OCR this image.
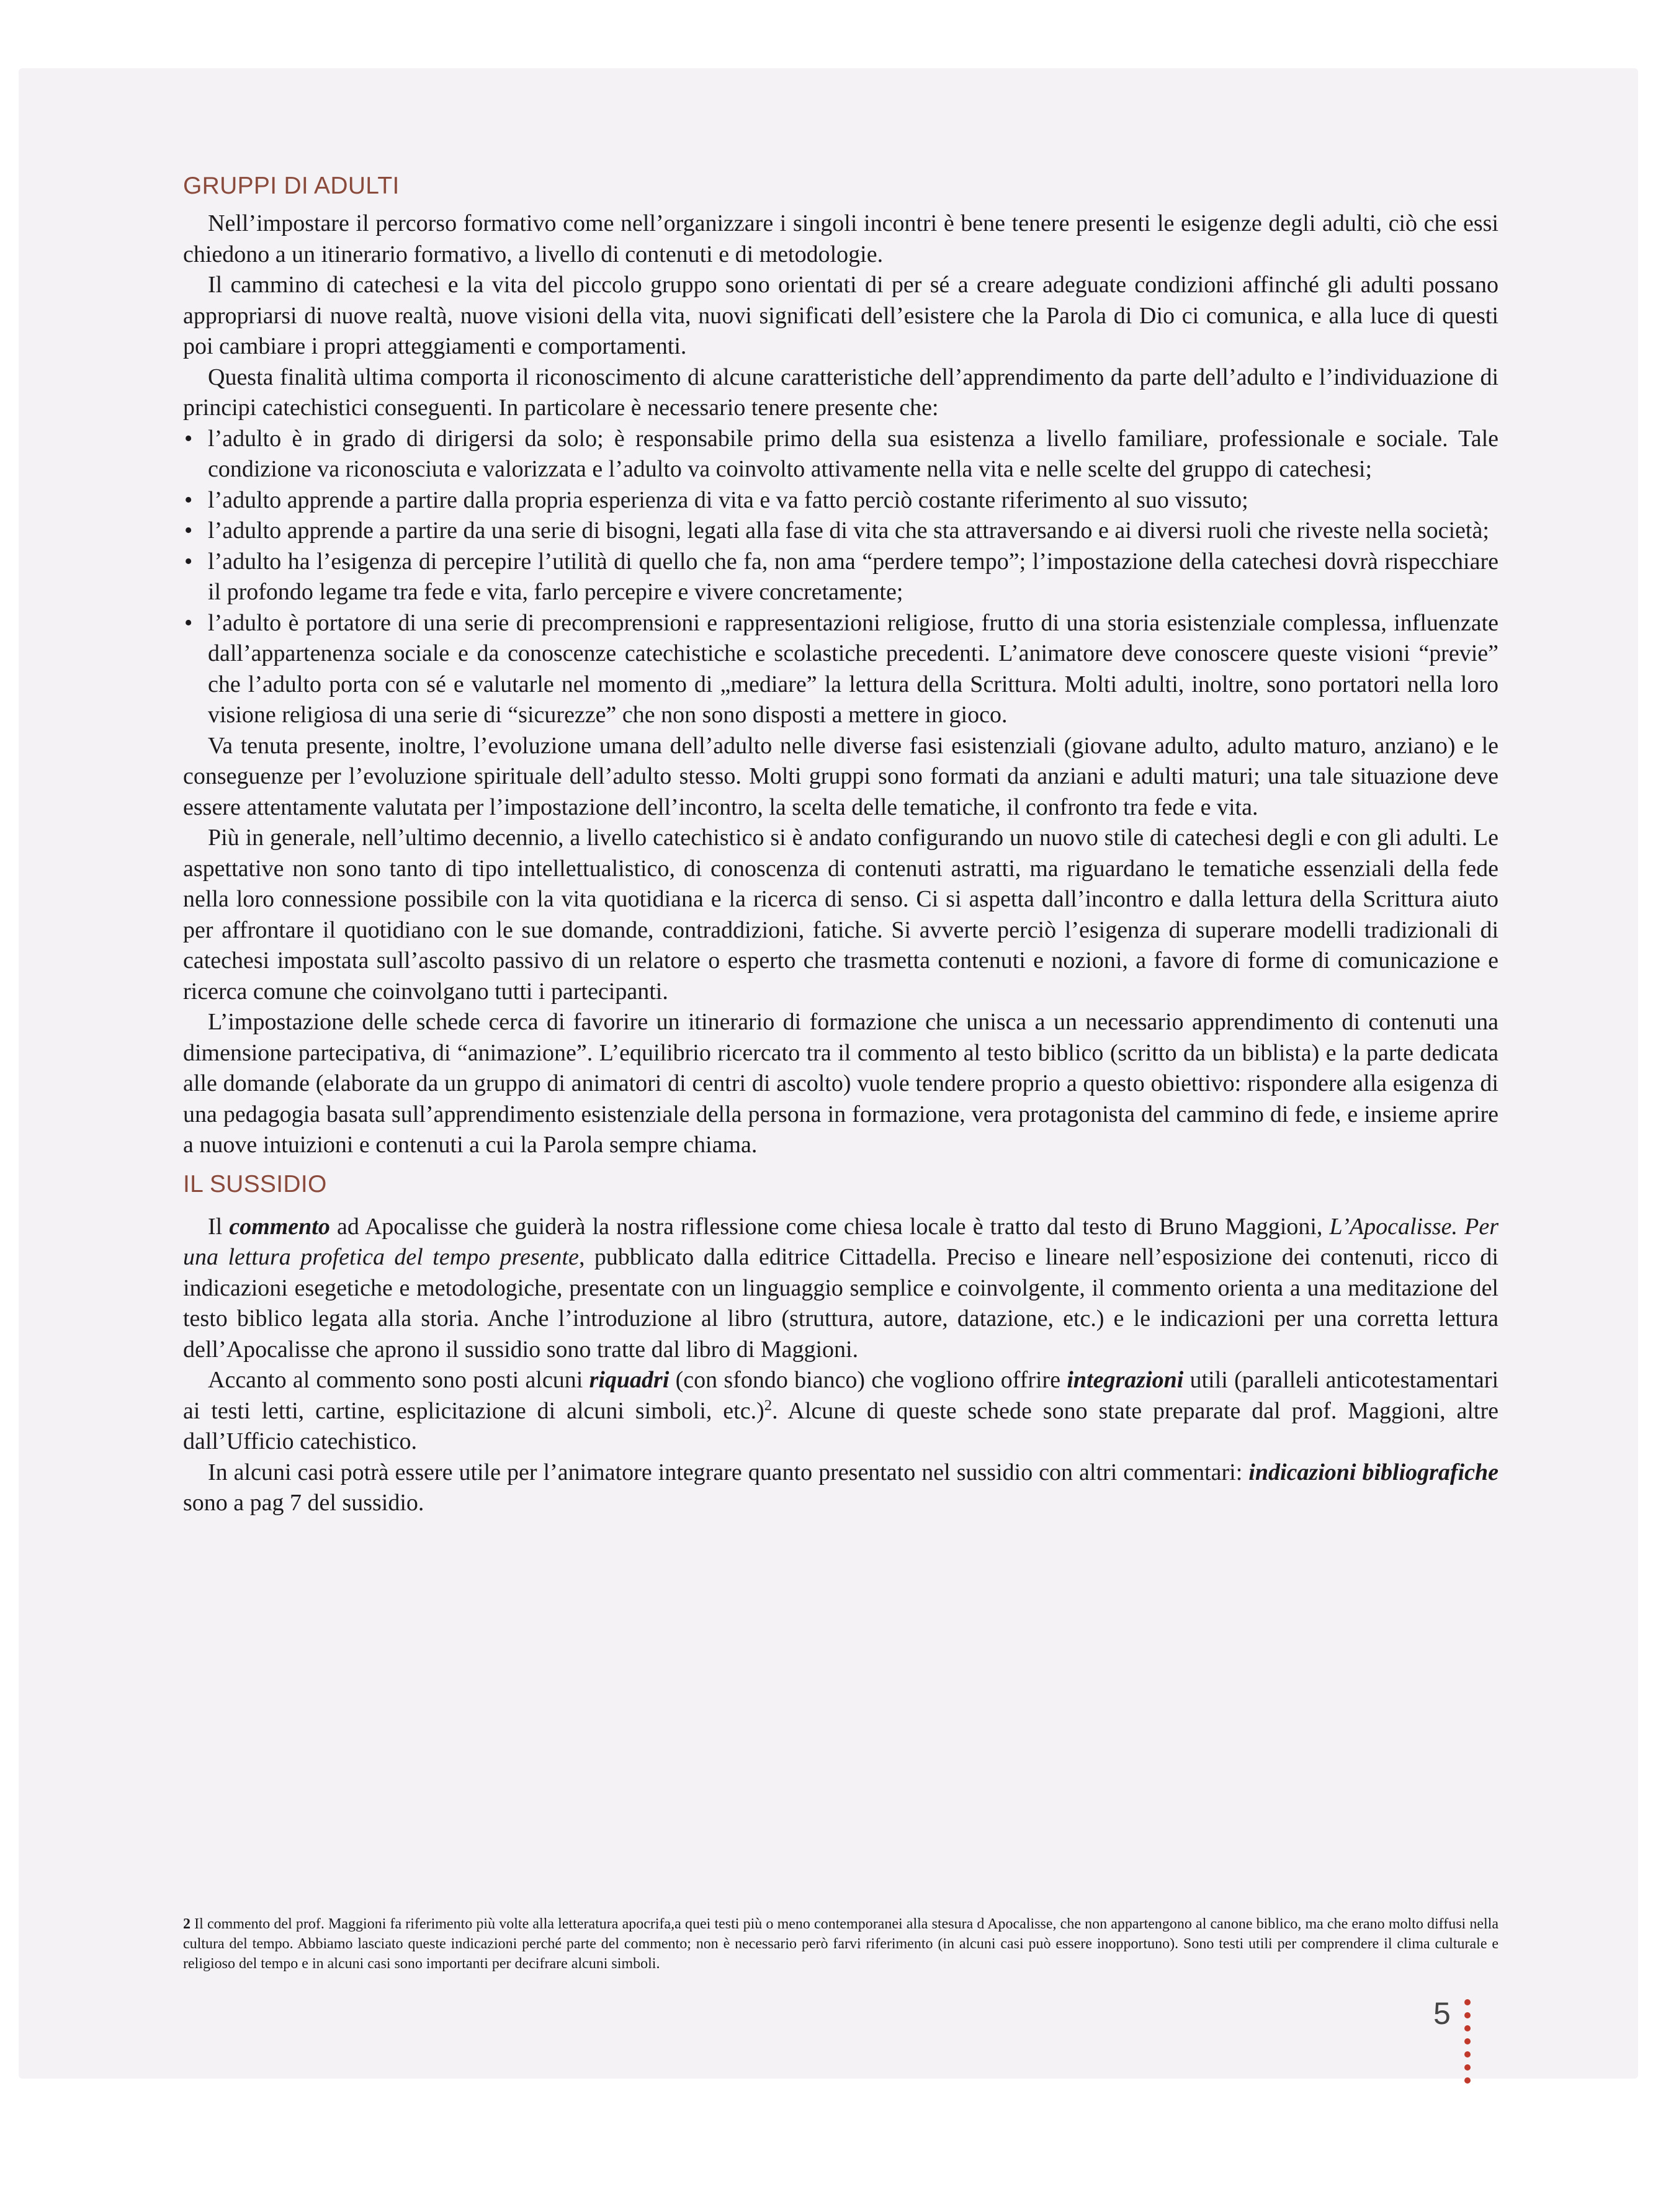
GRUPPI DI ADULTI

Nell’impostare il percorso formativo come nell’organizzare i singoli incontri è bene tenere presenti le esigenze degli adulti, ciò che essi chiedono a un itinerario formativo, a livello di contenuti e di metodologie.

Il cammino di catechesi e la vita del piccolo gruppo sono orientati di per sé a creare adeguate condizioni affinché gli adulti possano appropriarsi di nuove realtà, nuove visioni della vita, nuovi significati dell’esistere che la Parola di Dio ci comunica, e alla luce di questi poi cambiare i propri atteggiamenti e comportamenti.

Questa finalità ultima comporta il riconoscimento di alcune caratteristiche dell’apprendimento da parte dell’adulto e l’individuazione di principi catechistici conseguenti. In particolare è necessario tenere presente che:

• l’adulto è in grado di dirigersi da solo; è responsabile primo della sua esistenza a livello familiare, professionale e sociale. Tale condizione va riconosciuta e valorizzata e l’adulto va coinvolto attivamente nella vita e nelle scelte del gruppo di catechesi;
• l’adulto apprende a partire dalla propria esperienza di vita e va fatto perciò costante riferimento al suo vissuto;
• l’adulto apprende a partire da una serie di bisogni, legati alla fase di vita che sta attraversando e ai diversi ruoli che riveste nella società;
• l’adulto ha l’esigenza di percepire l’utilità di quello che fa, non ama “perdere tempo”; l’impostazione della catechesi dovrà rispecchiare il profondo legame tra fede e vita, farlo percepire e vivere concretamente;
• l’adulto è portatore di una serie di precomprensioni e rappresentazioni religiose, frutto di una storia esistenziale complessa, influenzate dall’appartenenza sociale e da conoscenze catechistiche e scolastiche precedenti. L’animatore deve conoscere queste visioni “previe” che l’adulto porta con sé e valutarle nel momento di „mediare” la lettura della Scrittura. Molti adulti, inoltre, sono portatori nella loro visione religiosa di una serie di “sicurezze” che non sono disposti a mettere in gioco.

Va tenuta presente, inoltre, l’evoluzione umana dell’adulto nelle diverse fasi esistenziali (giovane adulto, adulto maturo, anziano) e le conseguenze per l’evoluzione spirituale dell’adulto stesso. Molti gruppi sono formati da anziani e adulti maturi; una tale situazione deve essere attentamente valutata per l’impostazione dell’incontro, la scelta delle tematiche, il confronto tra fede e vita.

Più in generale, nell’ultimo decennio, a livello catechistico si è andato configurando un nuovo stile di catechesi degli e con gli adulti. Le aspettative non sono tanto di tipo intellettualistico, di conoscenza di contenuti astratti, ma riguardano le tematiche essenziali della fede nella loro connessione possibile con la vita quotidiana e la ricerca di senso. Ci si aspetta dall’incontro e dalla lettura della Scrittura aiuto per affrontare il quotidiano con le sue domande, contraddizioni, fatiche. Si avverte perciò l’esigenza di superare modelli tradizionali di catechesi impostata sull’ascolto passivo di un relatore o esperto che trasmetta contenuti e nozioni, a favore di forme di comunicazione e ricerca comune che coinvolgano tutti i partecipanti.

L’impostazione delle schede cerca di favorire un itinerario di formazione che unisca a un necessario apprendimento di contenuti una dimensione partecipativa, di “animazione”. L’equilibrio ricercato tra il commento al testo biblico (scritto da un biblista) e la parte dedicata alle domande (elaborate da un gruppo di animatori di centri di ascolto) vuole tendere proprio a questo obiettivo: rispondere alla esigenza di una pedagogia basata sull’apprendimento esistenziale della persona in formazione, vera protagonista del cammino di fede, e insieme aprire a nuove intuizioni e contenuti a cui la Parola sempre chiama.

IL SUSSIDIO

Il commento ad Apocalisse che guiderà la nostra riflessione come chiesa locale è tratto dal testo di Bruno Maggioni, L’Apocalisse. Per una lettura profetica del tempo presente, pubblicato dalla editrice Cittadella. Preciso e lineare nell’esposizione dei contenuti, ricco di indicazioni esegetiche e metodologiche, presentate con un linguaggio semplice e coinvolgente, il commento orienta a una meditazione del testo biblico legata alla storia. Anche l’introduzione al libro (struttura, autore, datazione, etc.) e le indicazioni per una corretta lettura dell’Apocalisse che aprono il sussidio sono tratte dal libro di Maggioni.

Accanto al commento sono posti alcuni riquadri (con sfondo bianco) che vogliono offrire integrazioni utili (paralleli anticotestamentari ai testi letti, cartine, esplicitazione di alcuni simboli, etc.)$^2$. Alcune di queste schede sono state preparate dal prof. Maggioni, altre dall’Ufficio catechistico.

In alcuni casi potrà essere utile per l’animatore integrare quanto presentato nel sussidio con altri commentari: indicazioni bibliografiche sono a pag 7 del sussidio.

2 Il commento del prof. Maggioni fa riferimento più volte alla letteratura apocrifa,a quei testi più o meno contemporanei alla stesura d Apocalisse, che non appartengono al canone biblico, ma che erano molto diffusi nella cultura del tempo. Abbiamo lasciato queste indicazioni perché parte del commento; non è necessario però farvi riferimento (in alcuni casi può essere inopportuno). Sono testi utili per comprendere il clima culturale e religioso del tempo e in alcuni casi sono importanti per decifrare alcuni simboli.
5
